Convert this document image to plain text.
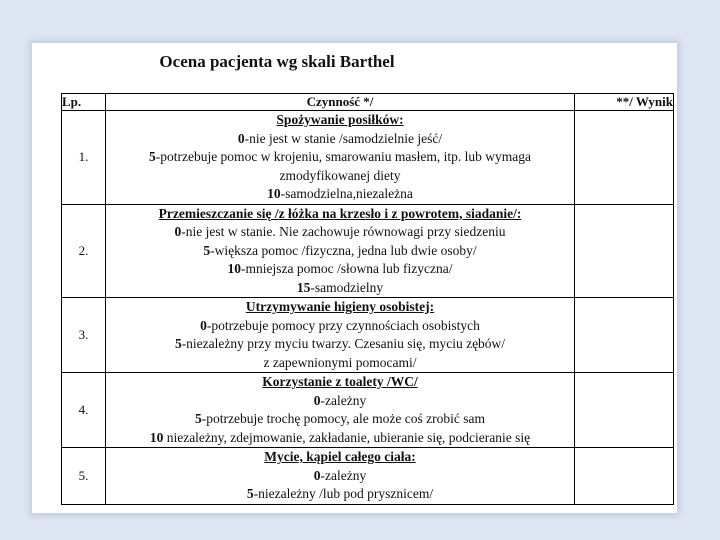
Ocena pacjenta wg skali Barthel
Lp.	Czynność */	**/ Wynik
1.	Spożywanie posiłków:
0-nie jest w stanie /samodzielnie jeść/
5-potrzebuje pomoc w krojeniu, smarowaniu masłem, itp. lub wymaga
zmodyfikowanej diety
10-samodzielna,niezależna	

2.	Przemieszczanie się /z łóżka na krzesło i z powrotem, siadanie/:
0-nie jest w stanie. Nie zachowuje równowagi przy siedzeniu
5-większa pomoc /fizyczna, jedna lub dwie osoby/
10-mniejsza pomoc /słowna lub fizyczna/
15-samodzielny	

3.	Utrzymywanie higieny osobistej:
0-potrzebuje pomocy przy czynnościach osobistych
5-niezależny przy myciu twarzy. Czesaniu się, myciu zębów/
z zapewnionymi pomocami/	

4.	Korzystanie z toalety /WC/
0-zależny
5-potrzebuje trochę pomocy, ale może coś zrobić sam
10 niezależny, zdejmowanie, zakładanie, ubieranie się, podcieranie się	

5.	Mycie, kąpiel całego ciała:
0-zależny
5-niezależny /lub pod prysznicem/	
